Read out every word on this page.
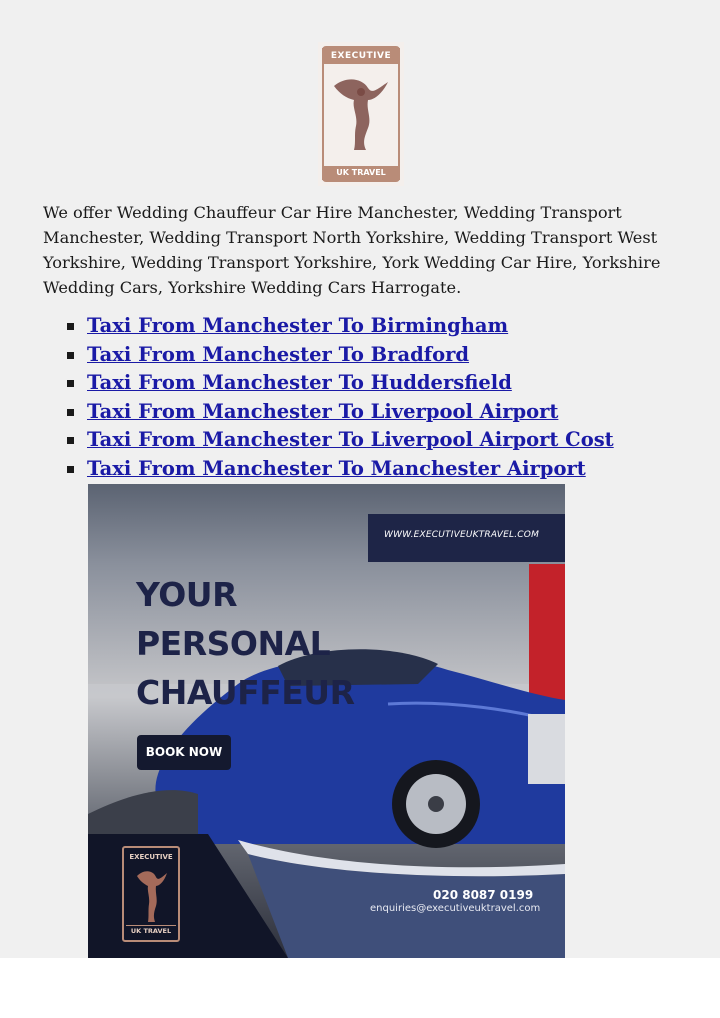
EXECUTIVE
UK TRAVEL

We offer Wedding Chauffeur Car Hire Manchester, Wedding Transport Manchester, Wedding Transport North Yorkshire, Wedding Transport West Yorkshire, Wedding Transport Yorkshire, York Wedding Car Hire, Yorkshire Wedding Cars, Yorkshire Wedding Cars Harrogate.

Taxi From Manchester To Birmingham
Taxi From Manchester To Bradford
Taxi From Manchester To Huddersfield
Taxi From Manchester To Liverpool Airport
Taxi From Manchester To Liverpool Airport Cost
Taxi From Manchester To Manchester Airport
WWW.EXECUTIVEUKTRAVEL.COM
YOUR
PERSONAL
CHAUFFEUR
BOOK NOW
EXECUTIVE
UK TRAVEL
020 8087 0199
enquiries@executiveuktravel.com
